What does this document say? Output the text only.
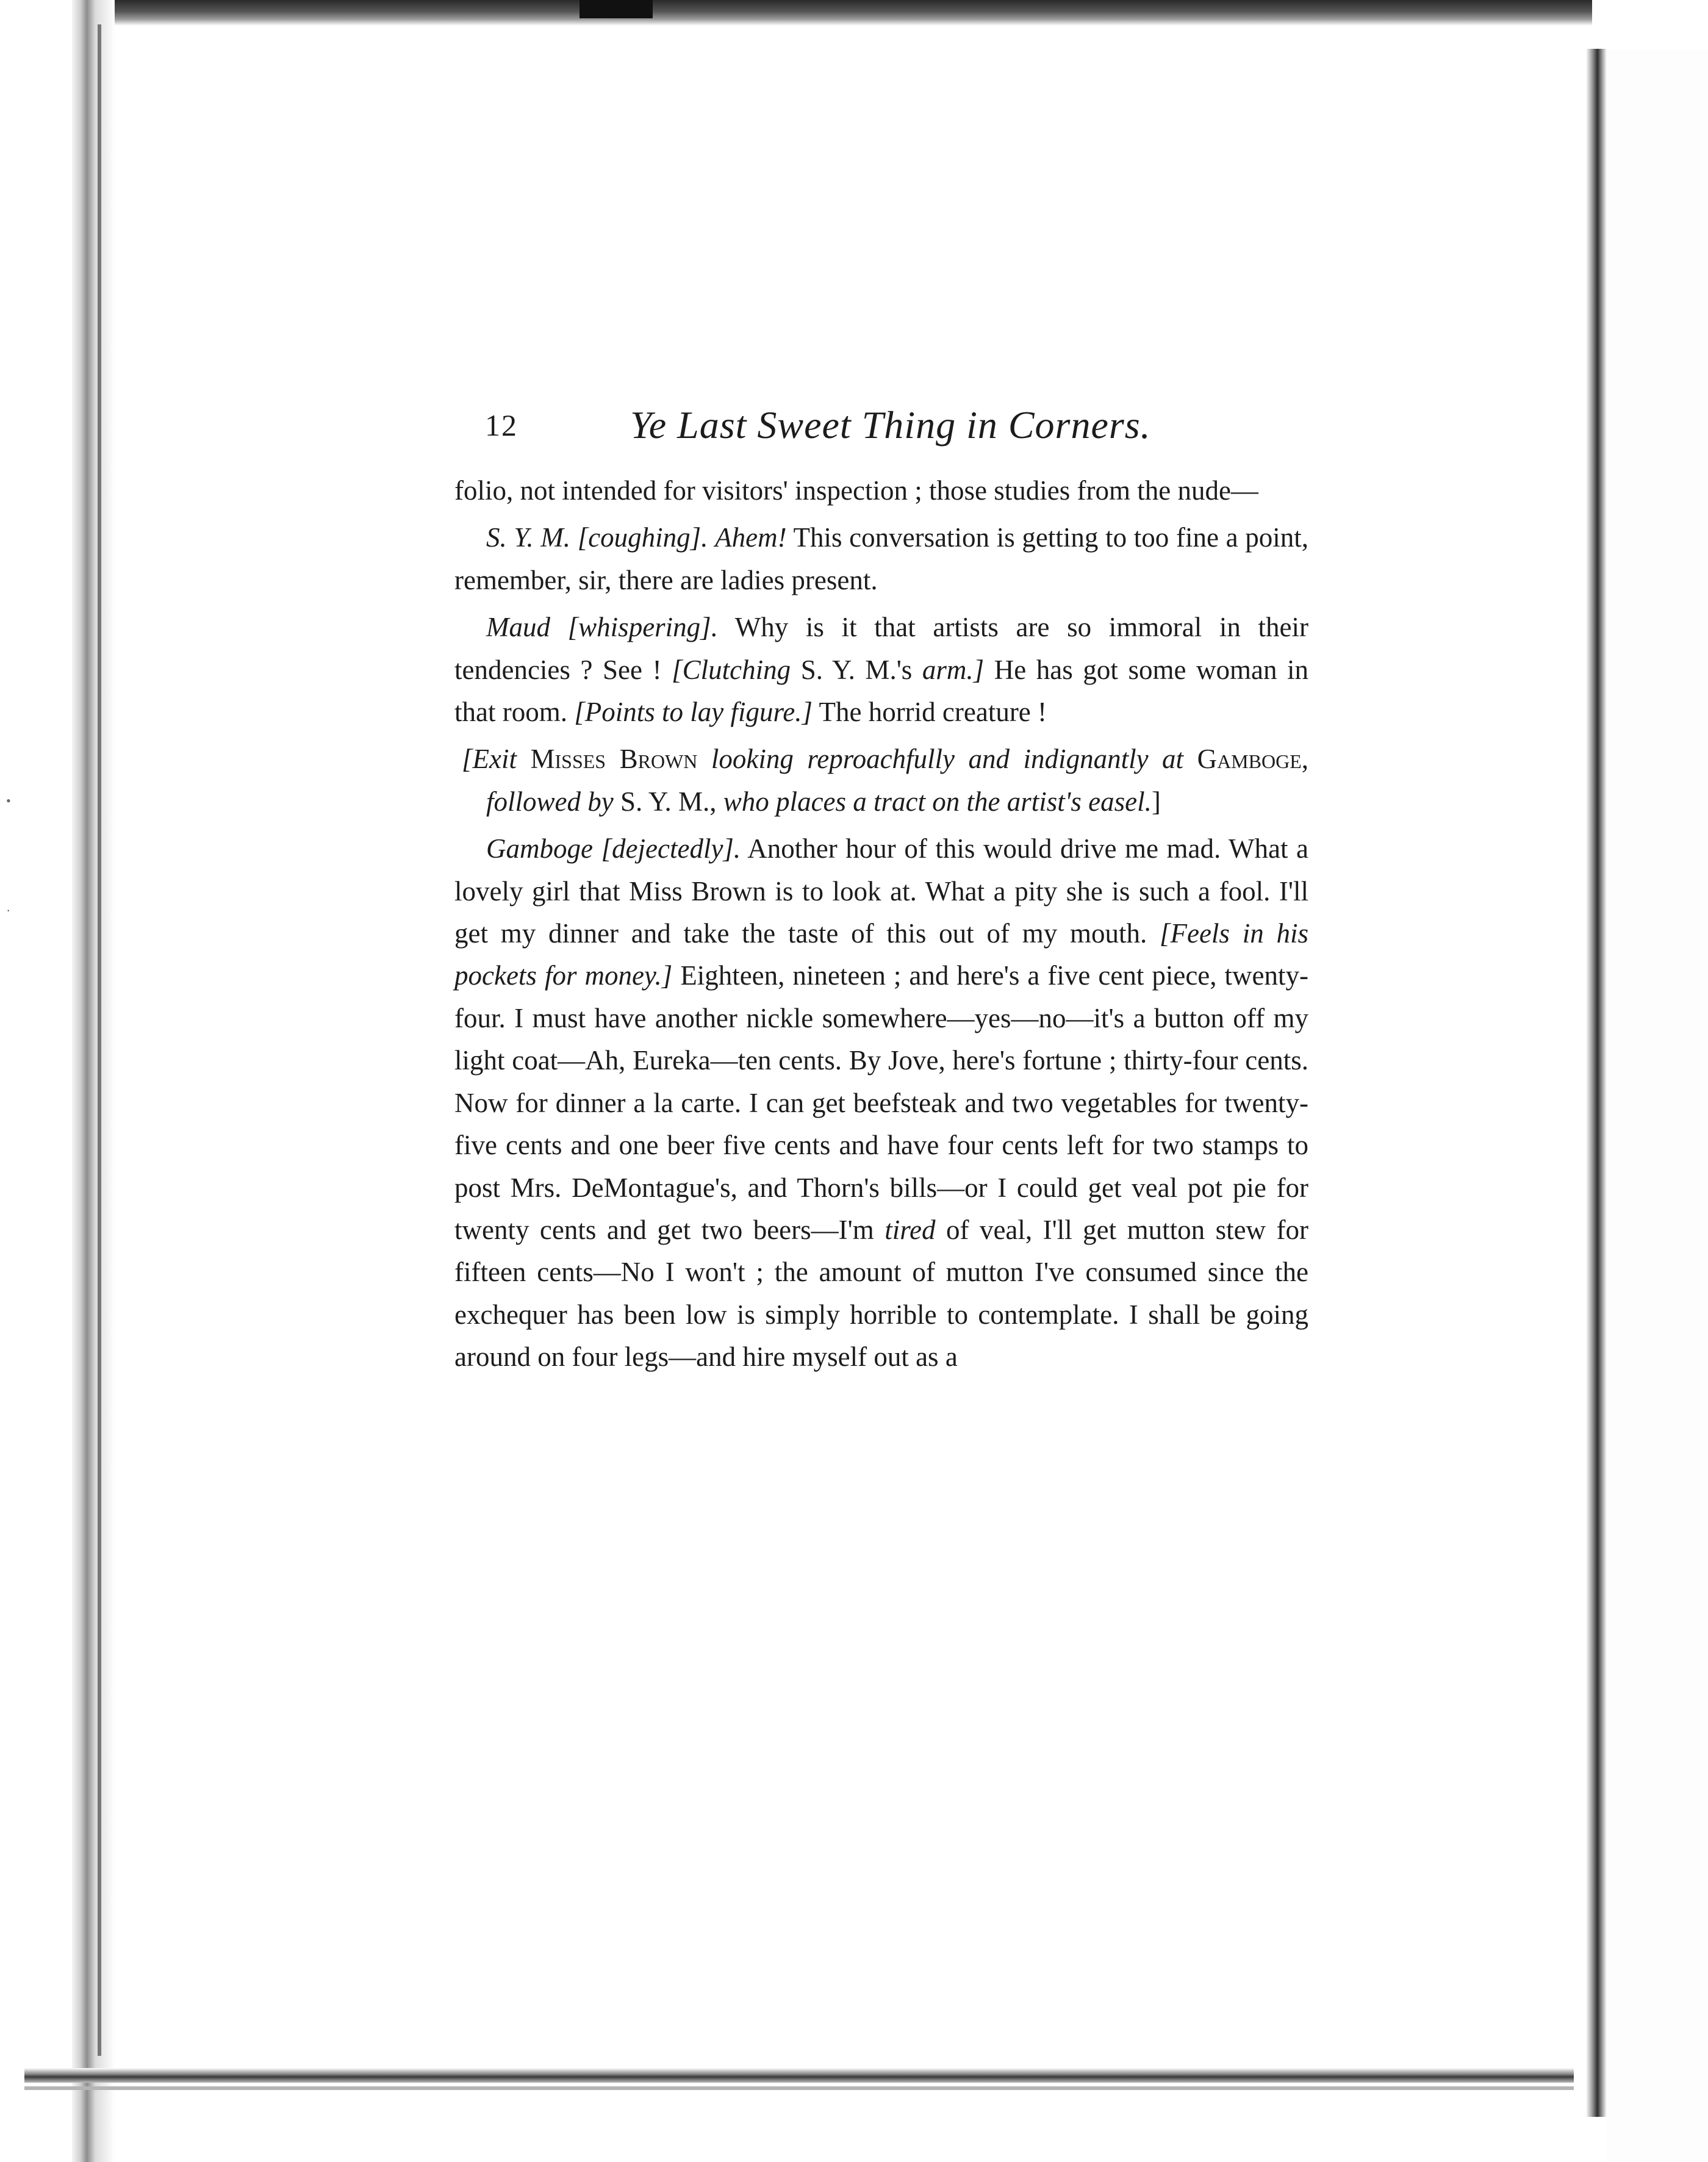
•
·
12	Ye Last Sweet Thing in Corners.

folio, not intended for visitors' inspection ; those studies from the nude—

S. Y. M. [coughing]. Ahem! This conversation is getting to too fine a point, remember, sir, there are ladies present.

Maud [whispering]. Why is it that artists are so immoral in their tendencies ? See ! [Clutching S. Y. M.'s arm.] He has got some woman in that room. [Points to lay figure.] The horrid creature !

[Exit Misses Brown looking reproachfully and indignantly at Gamboge, followed by S. Y. M., who places a tract on the artist's easel.]

Gamboge [dejectedly]. Another hour of this would drive me mad. What a lovely girl that Miss Brown is to look at. What a pity she is such a fool. I'll get my dinner and take the taste of this out of my mouth. [Feels in his pockets for money.] Eighteen, nineteen ; and here's a five cent piece, twenty-four. I must have another nickle somewhere—yes—no—it's a button off my light coat—Ah, Eureka—ten cents. By Jove, here's fortune ; thirty-four cents. Now for dinner a la carte. I can get beefsteak and two vegetables for twenty-five cents and one beer five cents and have four cents left for two stamps to post Mrs. DeMontague's, and Thorn's bills—or I could get veal pot pie for twenty cents and get two beers—I'm tired of veal, I'll get mutton stew for fifteen cents—No I won't ; the amount of mutton I've consumed since the exchequer has been low is simply horrible to contemplate. I shall be going around on four legs—and hire myself out as a
